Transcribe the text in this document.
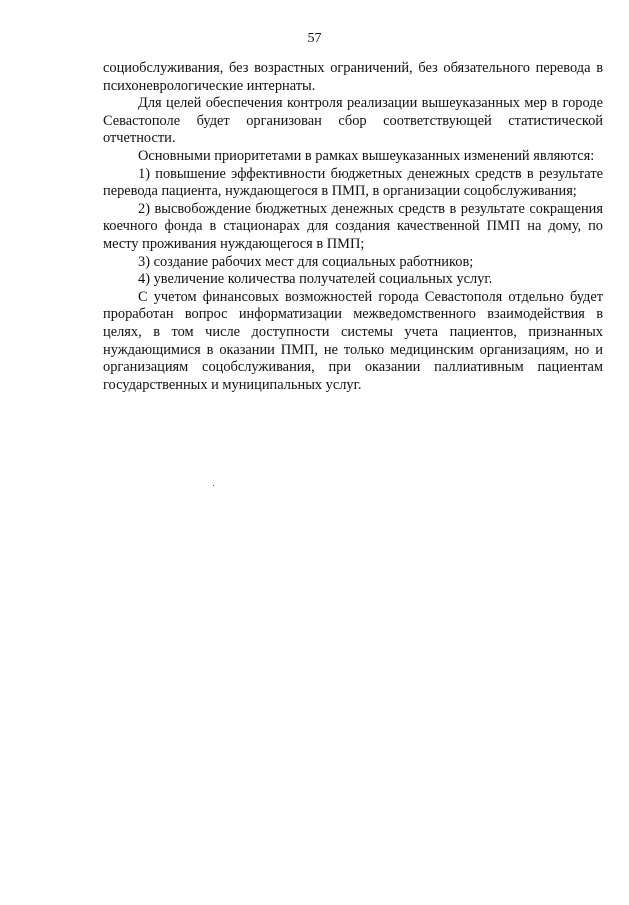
57

социобслуживания, без возрастных ограничений, без обязательного перевода в психоневрологические интернаты.

Для целей обеспечения контроля реализации вышеуказанных мер в городе Севастополе будет организован сбор соответствующей статистической отчетности.

Основными приоритетами в рамках вышеуказанных изменений являются:

1) повышение эффективности бюджетных денежных средств в результате перевода пациента, нуждающегося в ПМП, в организации соцобслуживания;

2) высвобождение бюджетных денежных средств в результате сокращения коечного фонда в стационарах для создания качественной ПМП на дому, по месту проживания нуждающегося в ПМП;

3) создание рабочих мест для социальных работников;

4) увеличение количества получателей социальных услуг.

С учетом финансовых возможностей города Севастополя отдельно будет проработан вопрос информатизации межведомственного взаимодействия в целях, в том числе доступности системы учета пациентов, признанных нуждающимися в оказании ПМП, не только медицинским организациям, но и организациям соцобслуживания, при оказании паллиативным пациентам государственных и муниципальных услуг.
